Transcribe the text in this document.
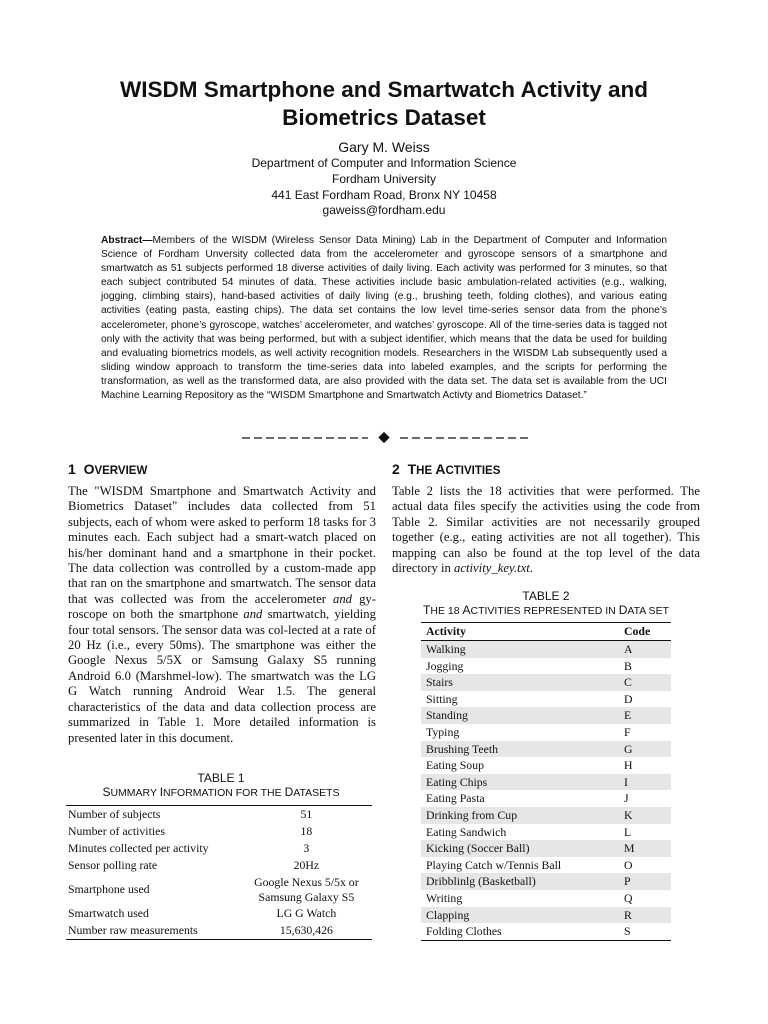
WISDM Smartphone and Smartwatch Activity and
Biometrics Dataset
Gary M. Weiss
Department of Computer and Information Science
Fordham University
441 East Fordham Road, Bronx NY 10458
gaweiss@fordham.edu

Abstract—Members of the WISDM (Wireless Sensor Data Mining) Lab in the Department of Computer and Information Science of Fordham Unversity collected data from the accelerometer and gyroscope sensors of a smartphone and smartwatch as 51 subjects performed 18 diverse activities of daily living. Each activity was performed for 3 minutes, so that each subject contributed 54 minutes of data. These activities include basic ambulation-related activities (e.g., walking, jogging, climbing stairs), hand-based activities of daily living (e.g., brushing teeth, folding clothes), and various eating activities (eating pasta, easting chips). The data set contains the low level time-series sensor data from the phone’s accelerometer, phone’s gyroscope, watches’ accelerometer, and watches’ gyroscope. All of the time-series data is tagged not only with the activity that was being performed, but with a subject identifier, which means that the data be used for building and evaluating biometrics models, as well activity recognition models. Researchers in the WISDM Lab subsequently used a sliding window approach to transform the time-series data into labeled examples, and the scripts for performing the transformation, as well as the transformed data, are also provided with the data set. The data set is available from the UCI Machine Learning Repository as the “WISDM Smartphone and Smartwatch Activty and Biometrics Dataset.”

1 OVERVIEW

The "WISDM Smartphone and Smartwatch Activity and Biometrics Dataset" includes data collected from 51 subjects, each of whom were asked to perform 18 tasks for 3 minutes each. Each subject had a smart-watch placed on his/her dominant hand and a smartphone in their pocket. The data collection was controlled by a custom-made app that ran on the smartphone and smartwatch. The sensor data that was collected was from the accelerometer and gy-roscope on both the smartphone and smartwatch, yielding four total sensors. The sensor data was col-lected at a rate of 20 Hz (i.e., every 50ms). The smartphone was either the Google Nexus 5/5X or Samsung Galaxy S5 running Android 6.0 (Marshmel-low). The smartwatch was the LG G Watch running Android Wear 1.5. The general characteristics of the data and data collection process are summarized in Table 1. More detailed information is presented later in this document.

TABLE 1
SUMMARY INFORMATION FOR THE DATASETS
Number of subjects	51
Number of activities	18
Minutes collected per activity	3
Sensor polling rate	20Hz
Smartphone used	Google Nexus 5/5x or
Samsung Galaxy S5
Smartwatch used	LG G Watch
Number raw measurements	15,630,426
2 THE ACTIVITIES

Table 2 lists the 18 activities that were performed. The actual data files specify the activities using the code from Table 2. Similar activities are not necessarily grouped together (e.g., eating activities are not all together). This mapping can also be found at the top level of the data directory in activity_key.txt.

TABLE 2
THE 18 ACTIVITIES REPRESENTED IN DATA SET
Activity	Code
Walking	A
Jogging	B
Stairs	C
Sitting	D
Standing	E
Typing	F
Brushing Teeth	G
Eating Soup	H
Eating Chips	I
Eating Pasta	J
Drinking from Cup	K
Eating Sandwich	L
Kicking (Soccer Ball)	M
Playing Catch w/Tennis Ball	O
Dribblinlg (Basketball)	P
Writing	Q
Clapping	R
Folding Clothes	S
